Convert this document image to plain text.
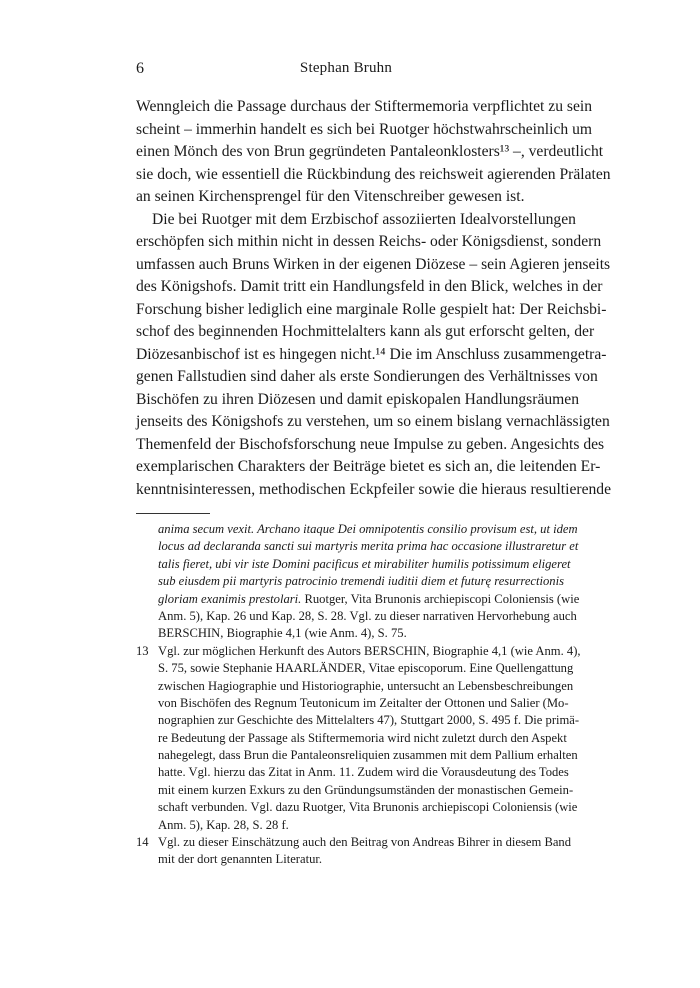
6	Stephan Bruhn
Wenngleich die Passage durchaus der Stiftermemoria verpflichtet zu sein
scheint – immerhin handelt es sich bei Ruotger höchstwahrscheinlich um
einen Mönch des von Brun gegründeten Pantaleonklosters¹³ –, verdeutlicht
sie doch, wie essentiell die Rückbindung des reichsweit agierenden Prälaten
an seinen Kirchensprengel für den Vitenschreiber gewesen ist.
Die bei Ruotger mit dem Erzbischof assoziierten Idealvorstellungen
erschöpfen sich mithin nicht in dessen Reichs- oder Königsdienst, sondern
umfassen auch Bruns Wirken in der eigenen Diözese – sein Agieren jenseits
des Königshofs. Damit tritt ein Handlungsfeld in den Blick, welches in der
Forschung bisher lediglich eine marginale Rolle gespielt hat: Der Reichsbi-
schof des beginnenden Hochmittelalters kann als gut erforscht gelten, der
Diözesanbischof ist es hingegen nicht.¹⁴ Die im Anschluss zusammengetra-
genen Fallstudien sind daher als erste Sondierungen des Verhältnisses von
Bischöfen zu ihren Diözesen und damit episkopalen Handlungsräumen
jenseits des Königshofs zu verstehen, um so einem bislang vernachlässigten
Themenfeld der Bischofsforschung neue Impulse zu geben. Angesichts des
exemplarischen Charakters der Beiträge bietet es sich an, die leitenden Er-
kenntnisinteressen, methodischen Eckpfeiler sowie die hieraus resultierende
anima secum vexit. Archano itaque Dei omnipotentis consilio provisum est, ut idem
locus ad declaranda sancti sui martyris merita prima hac occasione illustraretur et
talis fieret, ubi vir iste Domini pacificus et mirabiliter humilis potissimum eligeret
sub eiusdem pii martyris patrocinio tremendi iuditii diem et futurę resurrectionis
gloriam exanimis prestolari. Ruotger, Vita Brunonis archiepiscopi Coloniensis (wie
Anm. 5), Kap. 26 und Kap. 28, S. 28. Vgl. zu dieser narrativen Hervorhebung auch
BERSCHIN, Biographie 4,1 (wie Anm. 4), S. 75.
13 Vgl. zur möglichen Herkunft des Autors BERSCHIN, Biographie 4,1 (wie Anm. 4),
S. 75, sowie Stephanie HAARLÄNDER, Vitae episcoporum. Eine Quellengattung
zwischen Hagiographie und Historiographie, untersucht an Lebensbeschreibungen
von Bischöfen des Regnum Teutonicum im Zeitalter der Ottonen und Salier (Mo-
nographien zur Geschichte des Mittelalters 47), Stuttgart 2000, S. 495 f. Die primä-
re Bedeutung der Passage als Stiftermemoria wird nicht zuletzt durch den Aspekt
nahegelegt, dass Brun die Pantaleonsreliquien zusammen mit dem Pallium erhalten
hatte. Vgl. hierzu das Zitat in Anm. 11. Zudem wird die Vorausdeutung des Todes
mit einem kurzen Exkurs zu den Gründungsumständen der monastischen Gemein-
schaft verbunden. Vgl. dazu Ruotger, Vita Brunonis archiepiscopi Coloniensis (wie
Anm. 5), Kap. 28, S. 28 f.
14 Vgl. zu dieser Einschätzung auch den Beitrag von Andreas Bihrer in diesem Band
mit der dort genannten Literatur.
